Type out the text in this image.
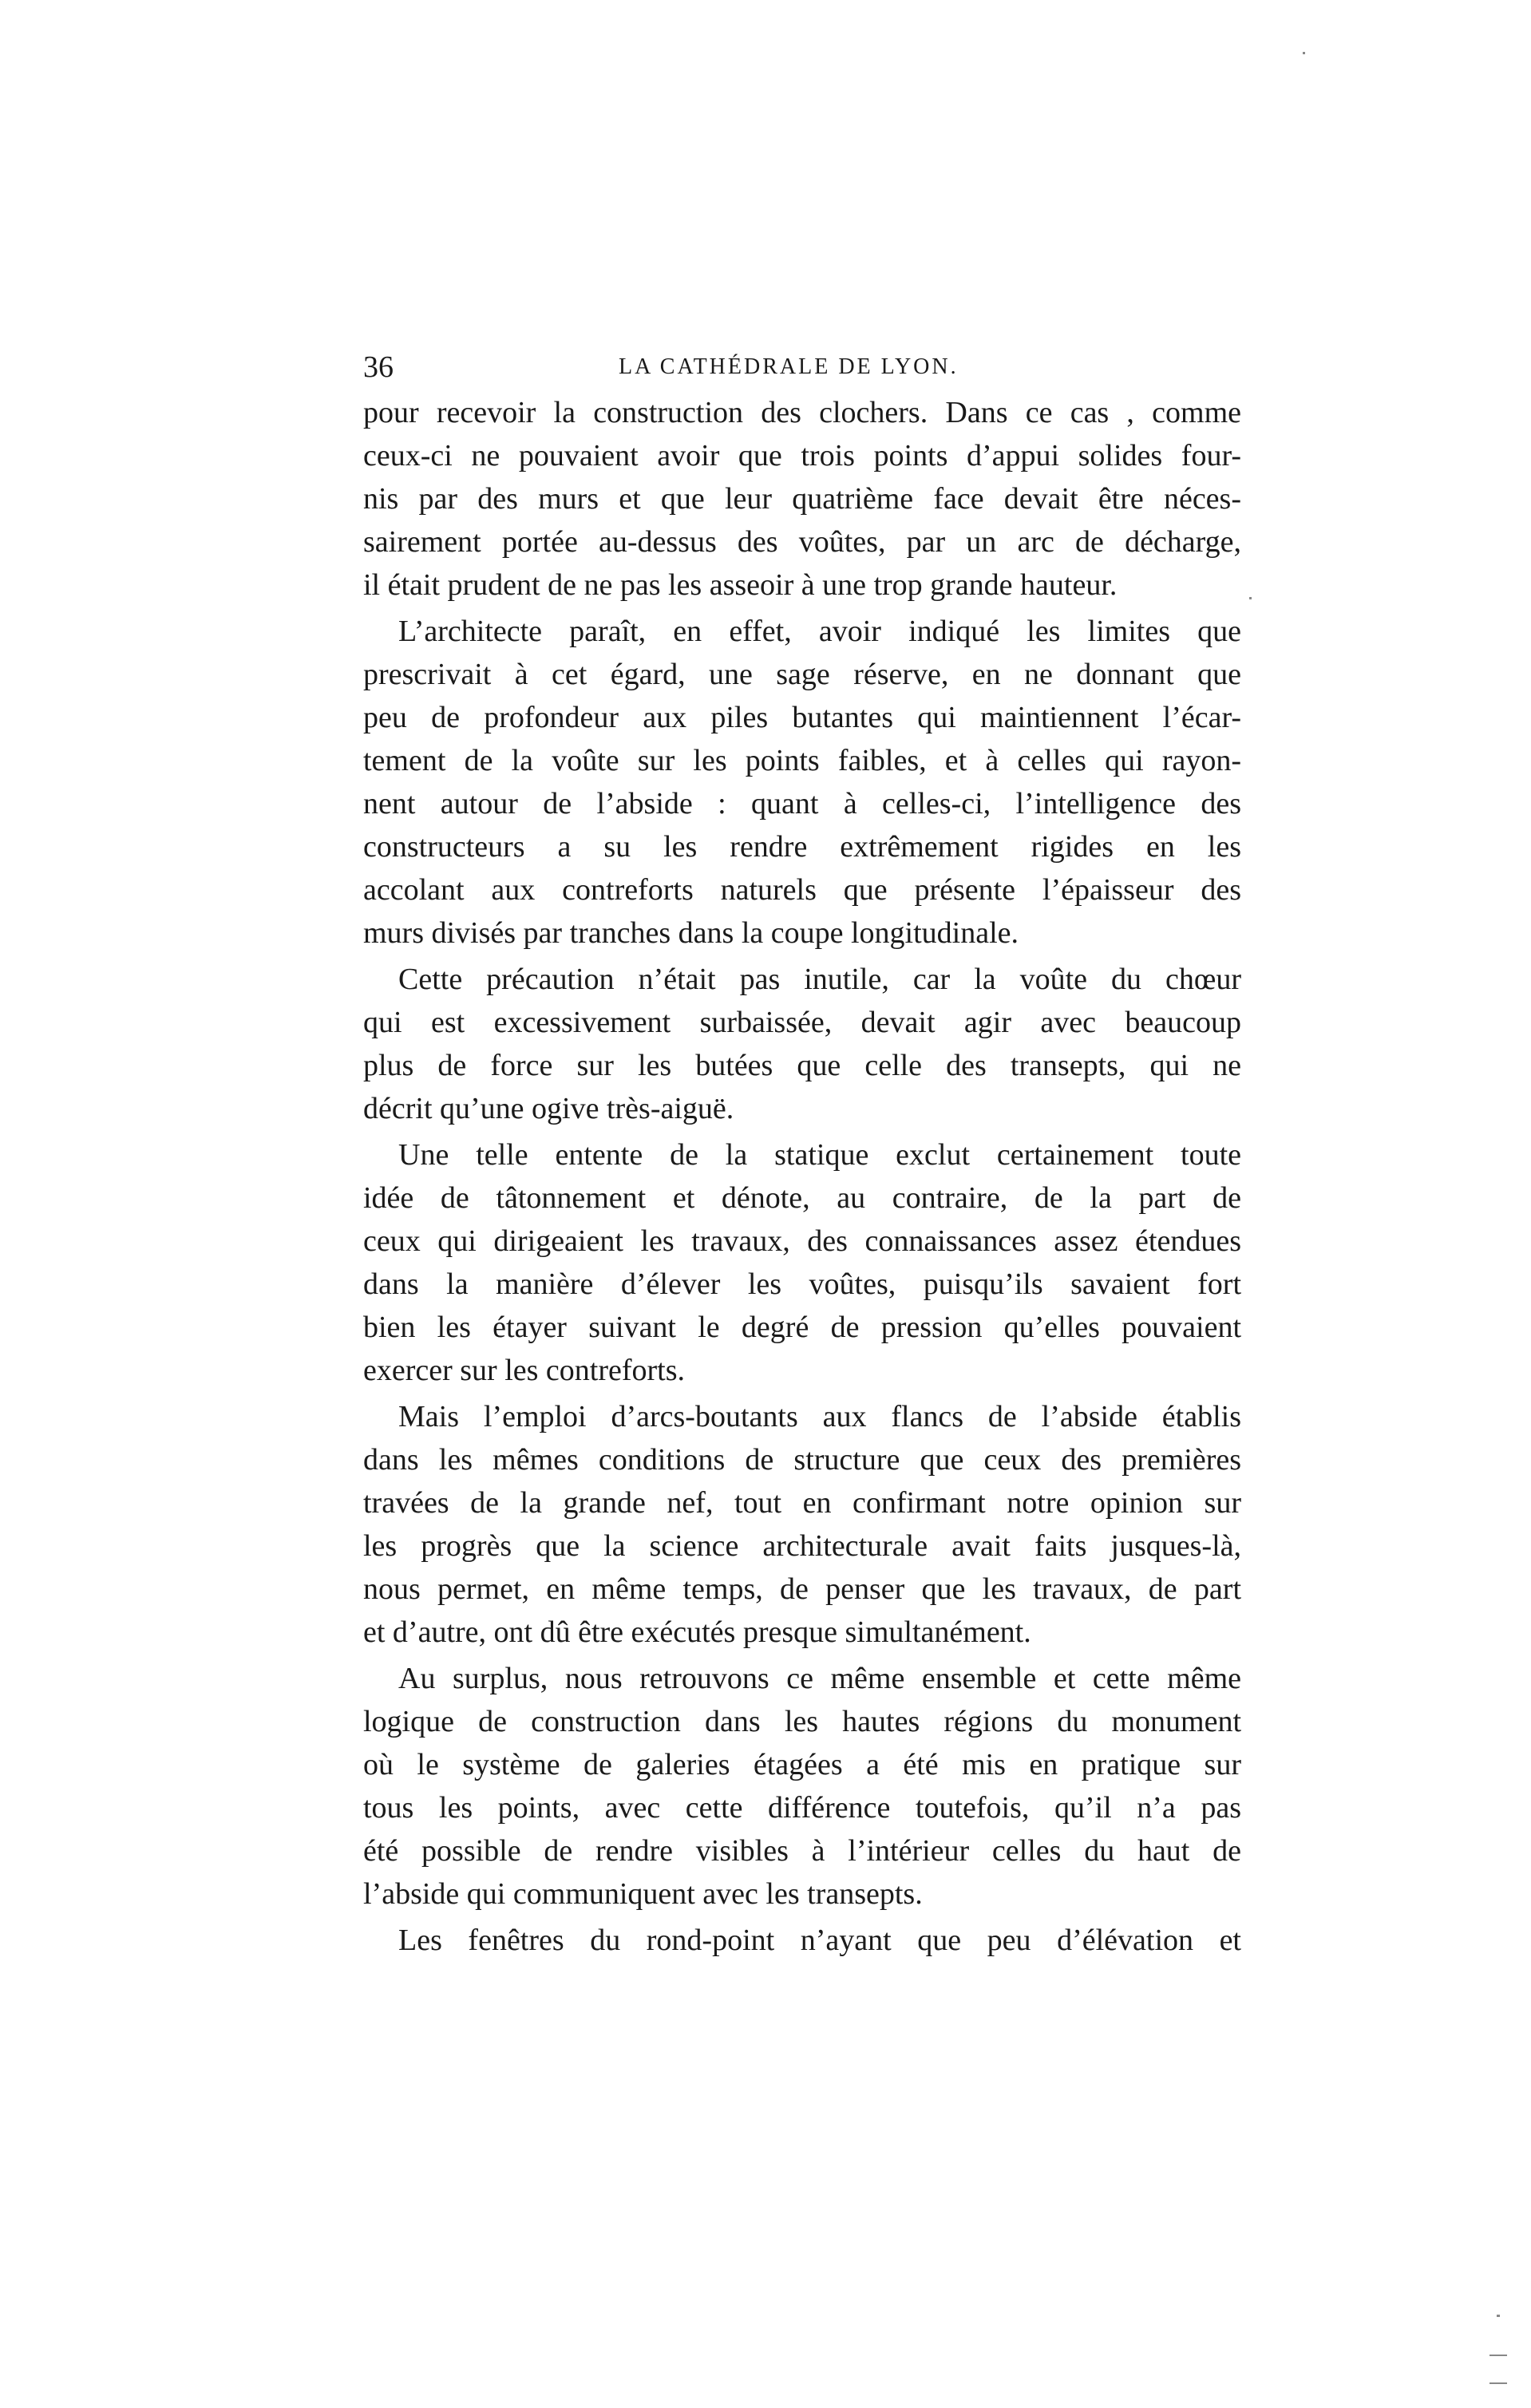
36	LA CATHÉDRALE DE LYON.
pour recevoir la construction des clochers. Dans ce cas , comme
ceux-ci ne pouvaient avoir que trois points d’appui solides four-
nis par des murs et que leur quatrième face devait être néces-
sairement portée au-dessus des voûtes, par un arc de décharge,
il était prudent de ne pas les asseoir à une trop grande hauteur.
L’architecte paraît, en effet, avoir indiqué les limites que
prescrivait à cet égard, une sage réserve, en ne donnant que
peu de profondeur aux piles butantes qui maintiennent l’écar-
tement de la voûte sur les points faibles, et à celles qui rayon-
nent autour de l’abside : quant à celles-ci, l’intelligence des
constructeurs a su les rendre extrêmement rigides en les
accolant aux contreforts naturels que présente l’épaisseur des
murs divisés par tranches dans la coupe longitudinale.
Cette précaution n’était pas inutile, car la voûte du chœur
qui est excessivement surbaissée, devait agir avec beaucoup
plus de force sur les butées que celle des transepts, qui ne
décrit qu’une ogive très-aiguë.
Une telle entente de la statique exclut certainement toute
idée de tâtonnement et dénote, au contraire, de la part de
ceux qui dirigeaient les travaux, des connaissances assez étendues
dans la manière d’élever les voûtes, puisqu’ils savaient fort
bien les étayer suivant le degré de pression qu’elles pouvaient
exercer sur les contreforts.
Mais l’emploi d’arcs-boutants aux flancs de l’abside établis
dans les mêmes conditions de structure que ceux des premières
travées de la grande nef, tout en confirmant notre opinion sur
les progrès que la science architecturale avait faits jusques-là,
nous permet, en même temps, de penser que les travaux, de part
et d’autre, ont dû être exécutés presque simultanément.
Au surplus, nous retrouvons ce même ensemble et cette même
logique de construction dans les hautes régions du monument
où le système de galeries étagées a été mis en pratique sur
tous les points, avec cette différence toutefois, qu’il n’a pas
été possible de rendre visibles à l’intérieur celles du haut de
l’abside qui communiquent avec les transepts.
Les fenêtres du rond-point n’ayant que peu d’élévation et
